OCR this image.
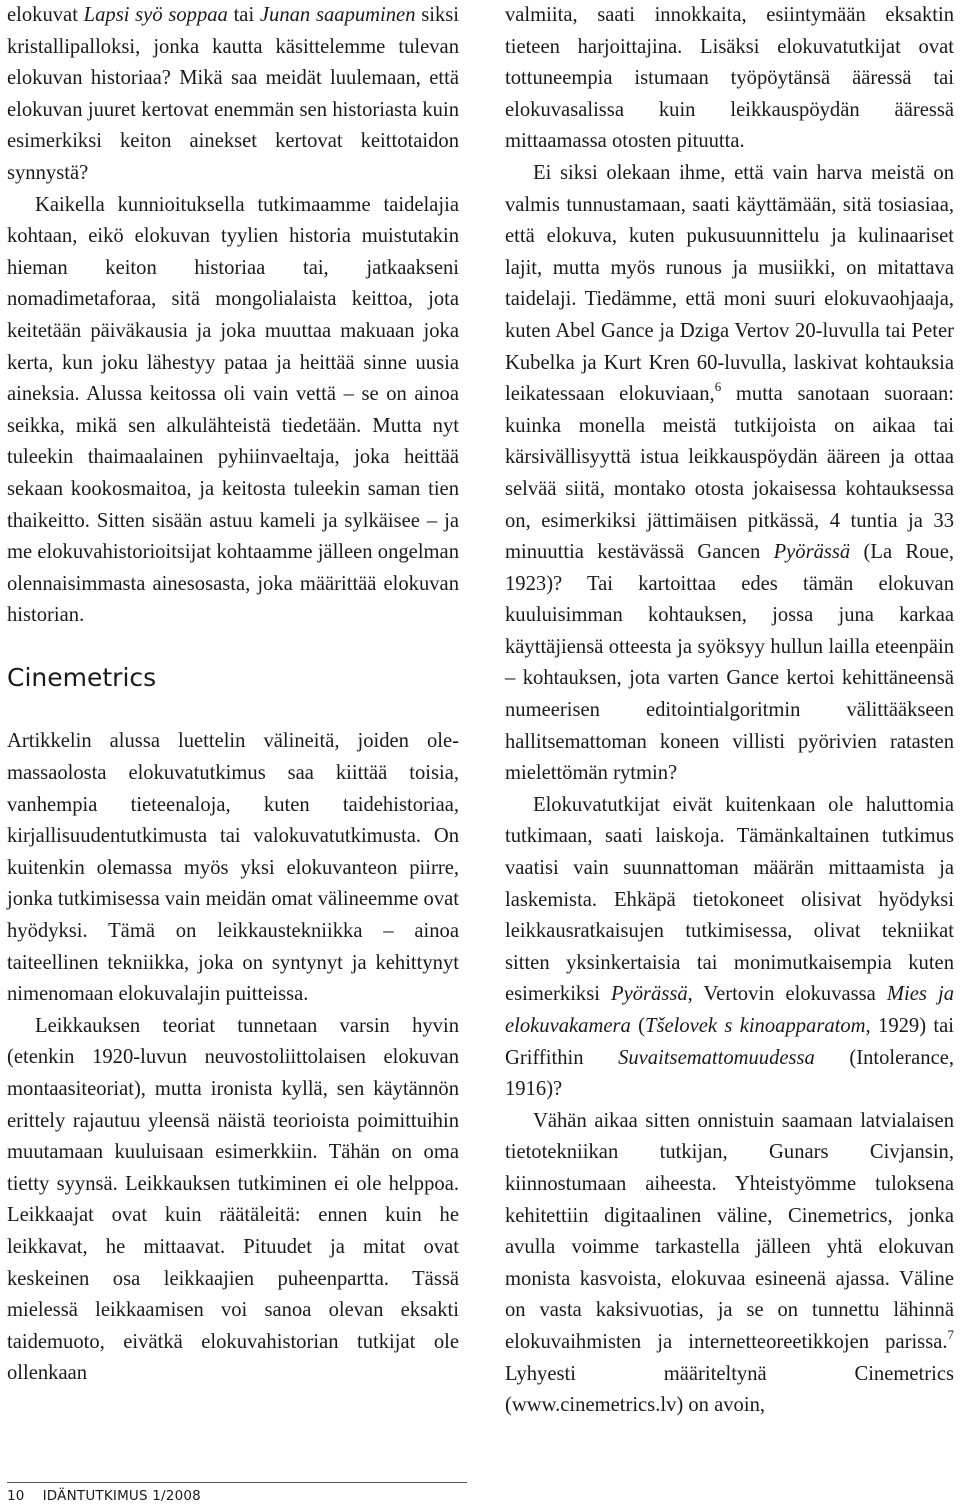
elokuvat Lapsi syö soppaa tai Junan saapuminen siksi kristallipalloksi, jonka kautta käsittelemme tulevan elokuvan historiaa? Mikä saa meidät luulemaan, että elokuvan juuret kertovat enemmän sen historiasta kuin esimerkiksi keiton ainekset kertovat keittotaidon synnystä?

Kaikella kunnioituksella tutkimaamme taidelajia kohtaan, eikö elokuvan tyylien historia muistutakin hieman keiton historiaa tai, jatkaakseni nomadimetaforaa, sitä mongolialaista keittoa, jota keitetään päiväkausia ja joka muuttaa makuaan joka kerta, kun joku lähestyy pataa ja heittää sinne uusia aineksia. Alussa keitossa oli vain vettä – se on ainoa seikka, mikä sen alkulähteistä tiedetään. Mutta nyt tuleekin thaimaalainen pyhiinvaeltaja, joka heittää sekaan kookosmaitoa, ja keitosta tuleekin saman tien thaikeitto. Sitten sisään astuu kameli ja sylkäisee – ja me elokuvahistorioitsijat kohtaamme jälleen ongelman olennaisimmasta ainesosasta, joka määrittää elokuvan historian.

Cinemetrics

Artikkelin alussa luettelin välineitä, joiden olemassaolosta elokuvatutkimus saa kiittää toisia, vanhempia tieteenaloja, kuten taidehistoriaa, kirjallisuudentutkimusta tai valokuvatutkimusta. On kuitenkin olemassa myös yksi elokuvanteon piirre, jonka tutkimisessa vain meidän omat välineemme ovat hyödyksi. Tämä on leikkaustekniikka – ainoa taiteellinen tekniikka, joka on syntynyt ja kehittynyt nimenomaan elokuvalajin puitteissa.

Leikkauksen teoriat tunnetaan varsin hyvin (etenkin 1920-luvun neuvostoliittolaisen elokuvan montaasiteoriat), mutta ironista kyllä, sen käytännön erittely rajautuu yleensä näistä teorioista poimittuihin muutamaan kuuluisaan esimerkkiin. Tähän on oma tietty syynsä. Leikkauksen tutkiminen ei ole helppoa. Leikkaajat ovat kuin räätäleitä: ennen kuin he leikkavat, he mittaavat. Pituudet ja mitat ovat keskeinen osa leikkaajien puheenpartta. Tässä mielessä leikkaamisen voi sanoa olevan eksakti taidemuoto, eivätkä elokuvahistorian tutkijat ole ollenkaan

valmiita, saati innokkaita, esiintymään eksaktin tieteen harjoittajina. Lisäksi elokuvatutkijat ovat tottuneempia istumaan työpöytänsä ääressä tai elokuvasalissa kuin leikkauspöydän ääressä mittaamassa otosten pituutta.

Ei siksi olekaan ihme, että vain harva meistä on valmis tunnustamaan, saati käyttämään, sitä tosiasiaa, että elokuva, kuten pukusuunnittelu ja kulinaariset lajit, mutta myös runous ja musiikki, on mitattava taidelaji. Tiedämme, että moni suuri elokuvaohjaaja, kuten Abel Gance ja Dziga Vertov 20-luvulla tai Peter Kubelka ja Kurt Kren 60-luvulla, laskivat kohtauksia leikatessaan elokuviaan,$^6$ mutta sanotaan suoraan: kuinka monella meistä tutkijoista on aikaa tai kärsivällisyyttä istua leikkauspöydän ääreen ja ottaa selvää siitä, montako otosta jokaisessa kohtauksessa on, esimerkiksi jättimäisen pitkässä, 4 tuntia ja 33 minuuttia kestävässä Gancen Pyörässä (La Roue, 1923)? Tai kartoittaa edes tämän elokuvan kuuluisimman kohtauksen, jossa juna karkaa käyttäjiensä otteesta ja syöksyy hullun lailla eteenpäin – kohtauksen, jota varten Gance kertoi kehittäneensä numeerisen editointialgoritmin välittääkseen hallitsemattoman koneen villisti pyörivien ratasten mielettömän rytmin?

Elokuvatutkijat eivät kuitenkaan ole haluttomia tutkimaan, saati laiskoja. Tämänkaltainen tutkimus vaatisi vain suunnattoman määrän mittaamista ja laskemista. Ehkäpä tietokoneet olisivat hyödyksi leikkausratkaisujen tutkimisessa, olivat tekniikat sitten yksinkertaisia tai monimutkaisempia kuten esimerkiksi Pyörässä, Vertovin elokuvassa Mies ja elokuvakamera (Tšelovek s kinoapparatom, 1929) tai Griffithin Suvaitsemattomuudessa (Intolerance, 1916)?

Vähän aikaa sitten onnistuin saamaan latvialaisen tietotekniikan tutkijan, Gunars Civjansin, kiinnostumaan aiheesta. Yhteistyömme tuloksena kehitettiin digitaalinen väline, Cinemetrics, jonka avulla voimme tarkastella jälleen yhtä elokuvan monista kasvoista, elokuvaa esineenä ajassa. Väline on vasta kaksivuotias, ja se on tunnettu lähinnä elokuvaihmisten ja internetteoreetikkojen parissa.$^7$ Lyhyesti määriteltynä Cinemetrics (www.cinemetrics.lv) on avoin,

10 IDÄNTUTKIMUS 1/2008
